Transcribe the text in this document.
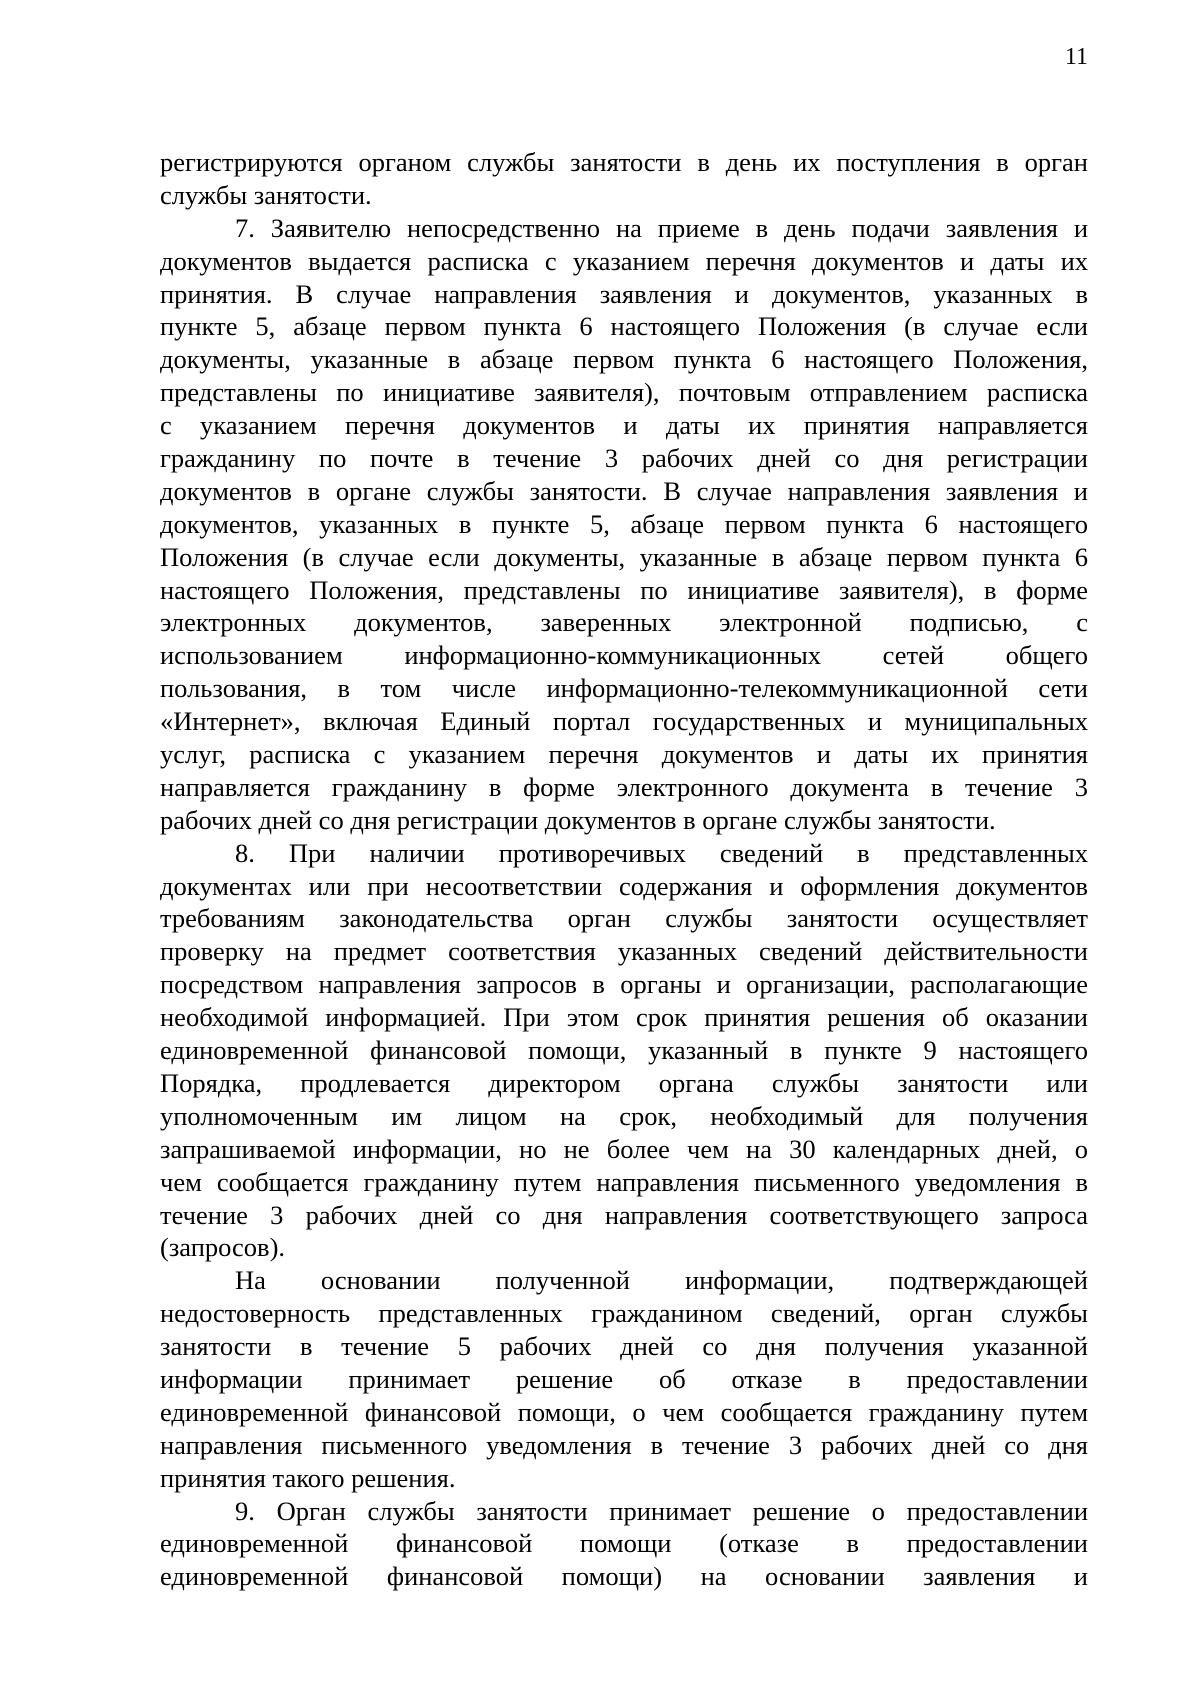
11
регистрируются органом службы занятости в день их поступления в орган
службы занятости.
7. Заявителю непосредственно на приеме в день подачи заявления и
документов выдается расписка с указанием перечня документов и даты их
принятия. В случае направления заявления и документов, указанных в
пункте 5, абзаце первом пункта 6 настоящего Положения (в случае если
документы, указанные в абзаце первом пункта 6 настоящего Положения,
представлены по инициативе заявителя), почтовым отправлением расписка
с указанием перечня документов и даты их принятия направляется
гражданину по почте в течение 3 рабочих дней со дня регистрации
документов в органе службы занятости. В случае направления заявления и
документов, указанных в пункте 5, абзаце первом пункта 6 настоящего
Положения (в случае если документы, указанные в абзаце первом пункта 6
настоящего Положения, представлены по инициативе заявителя), в форме
электронных документов, заверенных электронной подписью, с
использованием информационно-коммуникационных сетей общего
пользования, в том числе информационно-телекоммуникационной сети
«Интернет», включая Единый портал государственных и муниципальных
услуг, расписка с указанием перечня документов и даты их принятия
направляется гражданину в форме электронного документа в течение 3
рабочих дней со дня регистрации документов в органе службы занятости.
8. При наличии противоречивых сведений в представленных
документах или при несоответствии содержания и оформления документов
требованиям законодательства орган службы занятости осуществляет
проверку на предмет соответствия указанных сведений действительности
посредством направления запросов в органы и организации, располагающие
необходимой информацией. При этом срок принятия решения об оказании
единовременной финансовой помощи, указанный в пункте 9 настоящего
Порядка, продлевается директором органа службы занятости или
уполномоченным им лицом на срок, необходимый для получения
запрашиваемой информации, но не более чем на 30 календарных дней, о
чем сообщается гражданину путем направления письменного уведомления в
течение 3 рабочих дней со дня направления соответствующего запроса
(запросов).
На основании полученной информации, подтверждающей
недостоверность представленных гражданином сведений, орган службы
занятости в течение 5 рабочих дней со дня получения указанной
информации принимает решение об отказе в предоставлении
единовременной финансовой помощи, о чем сообщается гражданину путем
направления письменного уведомления в течение 3 рабочих дней со дня
принятия такого решения.
9. Орган службы занятости принимает решение о предоставлении
единовременной финансовой помощи (отказе в предоставлении
единовременной финансовой помощи) на основании заявления и
